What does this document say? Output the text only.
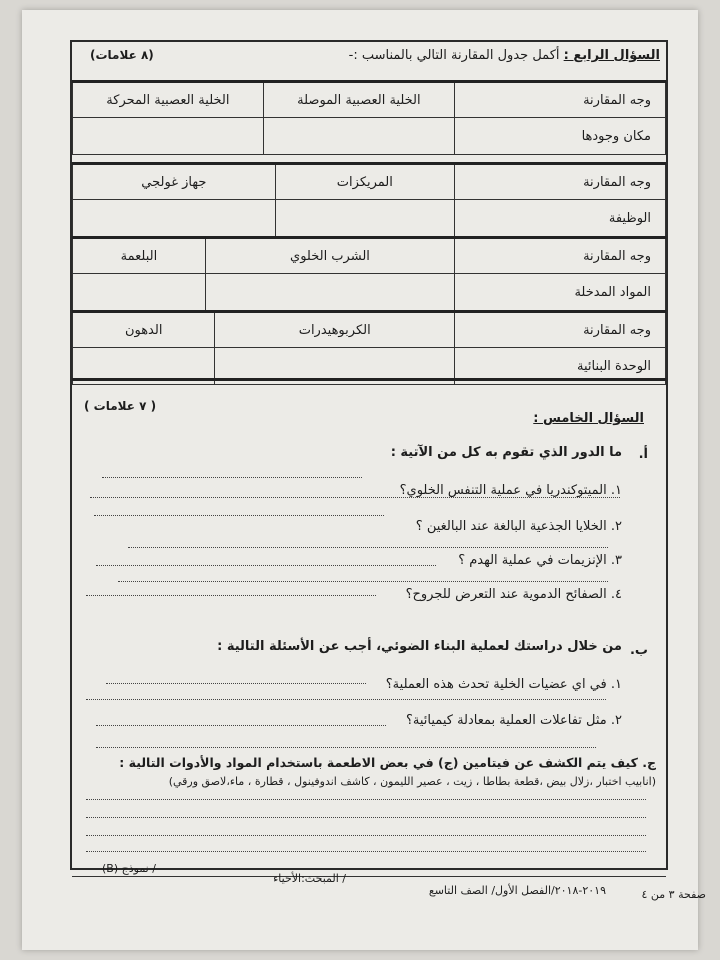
السؤال الرابع : أكمل جدول المقارنة التالي بالمناسب :-
(٨ علامات)
وجه المقارنة	الخلية العصبية الموصلة	الخلية العصبية المحركة
مكان وجودها		
وجه المقارنة	المريكزات	جهاز غولجي
الوظيفة		
وجه المقارنة	الشرب الخلوي	البلعمة
المواد المدخلة		
وجه المقارنة	الكربوهيدرات	الدهون
الوحدة البنائية		
( ٧ علامات )
السؤال الخامس :
أ.
ما الدور الذي تقوم به كل من الآتية :
١. الميتوكندريا في عملية التنفس الخلوي؟
٢. الخلايا الجذعية البالغة عند البالغين ؟
٣. الإنزيمات في عملية الهدم ؟
٤. الصفائح الدموية عند التعرض للجروح؟
ب.
من خلال دراستك لعملية البناء الضوئي، أجب عن الأسئلة التالية :
١. في اي عضيات الخلية تحدث هذه العملية؟
٢. مثل تفاعلات العملية بمعادلة كيميائية؟
ج. كيف يتم الكشف عن فيتامين (ج) في بعض الاطعمة باستخدام المواد والأدوات التالية :
(انابيب اختبار ،زلال بيض ،قطعة بطاطا ، زيت ، عصير الليمون ، كاشف اندوفينول ، قطارة ، ماء،لاصق ورقي)
صفحة ٣ من ٤
٢٠١٩-٢٠١٨/الفصل الأول/ الصف التاسع
/ المبحث:الأحياء
/ نموذج (B)
